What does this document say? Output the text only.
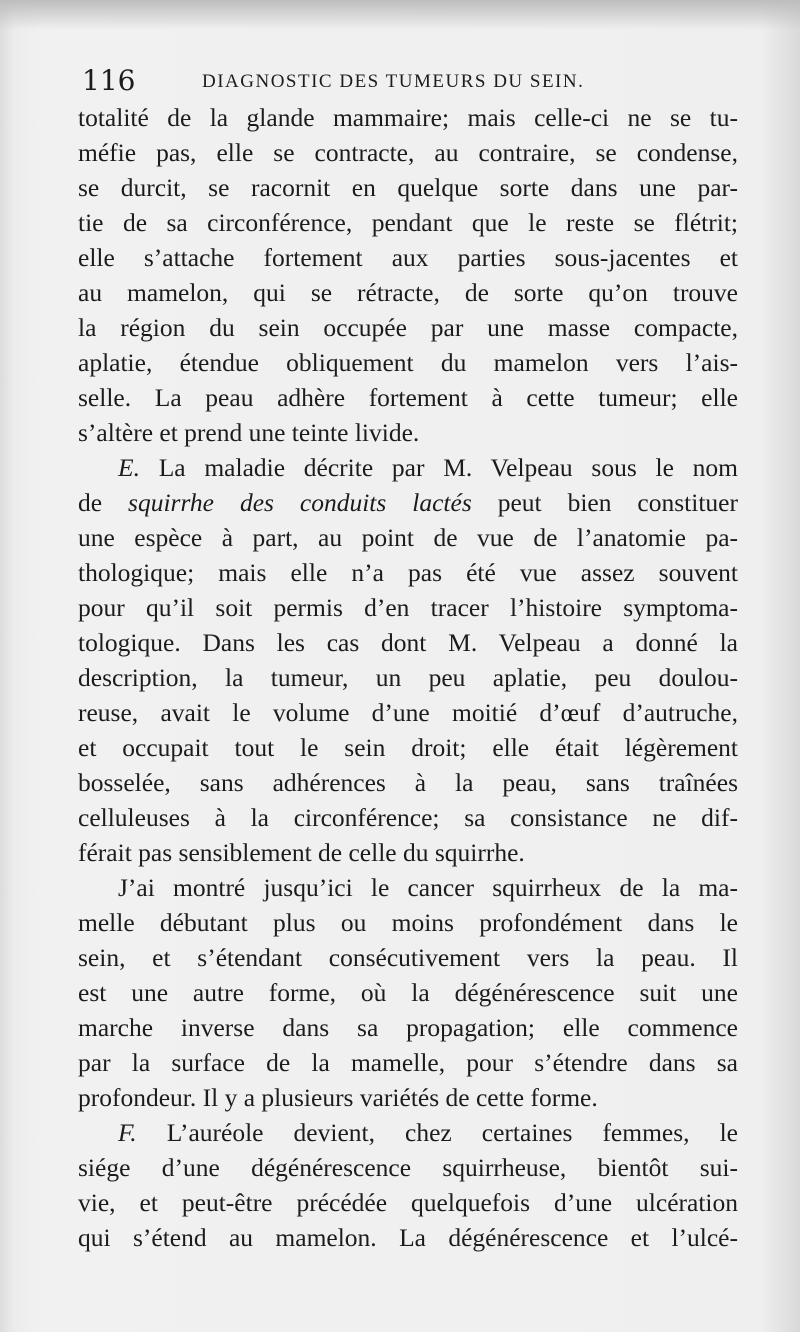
116	DIAGNOSTIC DES TUMEURS DU SEIN.
totalité de la glande mammaire; mais celle-ci ne se tu-
méfie pas, elle se contracte, au contraire, se condense,
se durcit, se racornit en quelque sorte dans une par-
tie de sa circonférence, pendant que le reste se flétrit;
elle s’attache fortement aux parties sous-jacentes et
au mamelon, qui se rétracte, de sorte qu’on trouve
la région du sein occupée par une masse compacte,
aplatie, étendue obliquement du mamelon vers l’ais-
selle. La peau adhère fortement à cette tumeur; elle
s’altère et prend une teinte livide.
E. La maladie décrite par M. Velpeau sous le nom
de squirrhe des conduits lactés peut bien constituer
une espèce à part, au point de vue de l’anatomie pa-
thologique; mais elle n’a pas été vue assez souvent
pour qu’il soit permis d’en tracer l’histoire symptoma-
tologique. Dans les cas dont M. Velpeau a donné la
description, la tumeur, un peu aplatie, peu doulou-
reuse, avait le volume d’une moitié d’œuf d’autruche,
et occupait tout le sein droit; elle était légèrement
bosselée, sans adhérences à la peau, sans traînées
celluleuses à la circonférence; sa consistance ne dif-
férait pas sensiblement de celle du squirrhe.
J’ai montré jusqu’ici le cancer squirrheux de la ma-
melle débutant plus ou moins profondément dans le
sein, et s’étendant consécutivement vers la peau. Il
est une autre forme, où la dégénérescence suit une
marche inverse dans sa propagation; elle commence
par la surface de la mamelle, pour s’étendre dans sa
profondeur. Il y a plusieurs variétés de cette forme.
F. L’auréole devient, chez certaines femmes, le
siége d’une dégénérescence squirrheuse, bientôt sui-
vie, et peut-être précédée quelquefois d’une ulcération
qui s’étend au mamelon. La dégénérescence et l’ulcé-
